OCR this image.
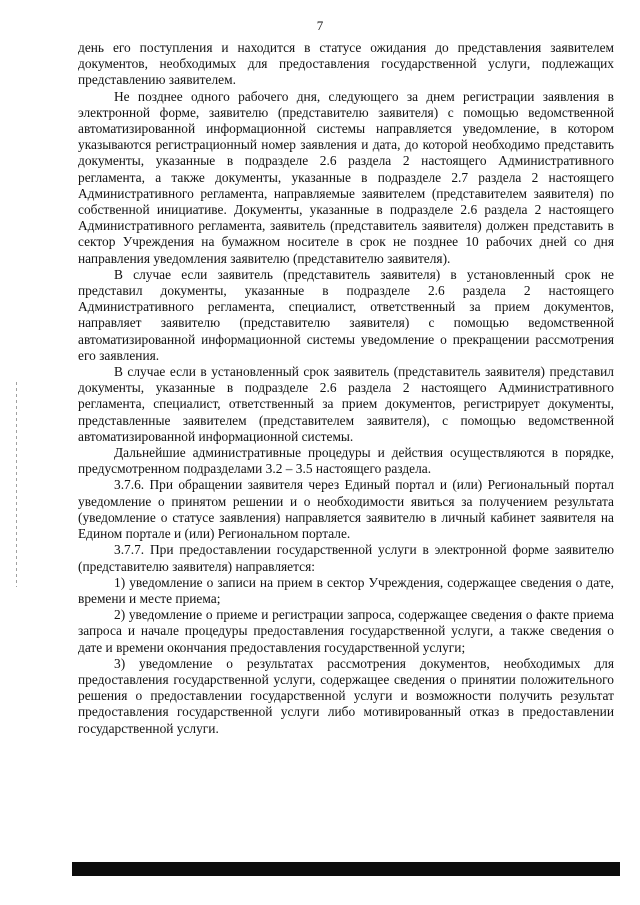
7

день его поступления и находится в статусе ожидания до представления заявителем документов, необходимых для предоставления государственной услуги, подлежащих представлению заявителем.

Не позднее одного рабочего дня, следующего за днем регистрации заявления в электронной форме, заявителю (представителю заявителя) с помощью ведомственной автоматизированной информационной системы направляется уведомление, в котором указываются регистрационный номер заявления и дата, до которой необходимо представить документы, указанные в подразделе 2.6 раздела 2 настоящего Административного регламента, а также документы, указанные в подразделе 2.7 раздела 2 настоящего Административного регламента, направляемые заявителем (представителем заявителя) по собственной инициативе. Документы, указанные в подразделе 2.6 раздела 2 настоящего Административного регламента, заявитель (представитель заявителя) должен представить в сектор Учреждения на бумажном носителе в срок не позднее 10 рабочих дней со дня направления уведомления заявителю (представителю заявителя).

В случае если заявитель (представитель заявителя) в установленный срок не представил документы, указанные в подразделе 2.6 раздела 2 настоящего Административного регламента, специалист, ответственный за прием документов, направляет заявителю (представителю заявителя) с помощью ведомственной автоматизированной информационной системы уведомление о прекращении рассмотрения его заявления.

В случае если в установленный срок заявитель (представитель заявителя) представил документы, указанные в подразделе 2.6 раздела 2 настоящего Административного регламента, специалист, ответственный за прием документов, регистрирует документы, представленные заявителем (представителем заявителя), с помощью ведомственной автоматизированной информационной системы.

Дальнейшие административные процедуры и действия осуществляются в порядке, предусмотренном подразделами 3.2 – 3.5 настоящего раздела.

3.7.6. При обращении заявителя через Единый портал и (или) Региональный портал уведомление о принятом решении и о необходимости явиться за получением результата (уведомление о статусе заявления) направляется заявителю в личный кабинет заявителя на Едином портале и (или) Региональном портале.

3.7.7. При предоставлении государственной услуги в электронной форме заявителю (представителю заявителя) направляется:

1) уведомление о записи на прием в сектор Учреждения, содержащее сведения о дате, времени и месте приема;

2) уведомление о приеме и регистрации запроса, содержащее сведения о факте приема запроса и начале процедуры предоставления государственной услуги, а также сведения о дате и времени окончания предоставления государственной услуги;

3) уведомление о результатах рассмотрения документов, необходимых для предоставления государственной услуги, содержащее сведения о принятии положительного решения о предоставлении государственной услуги и возможности получить результат предоставления государственной услуги либо мотивированный отказ в предоставлении государственной услуги.
